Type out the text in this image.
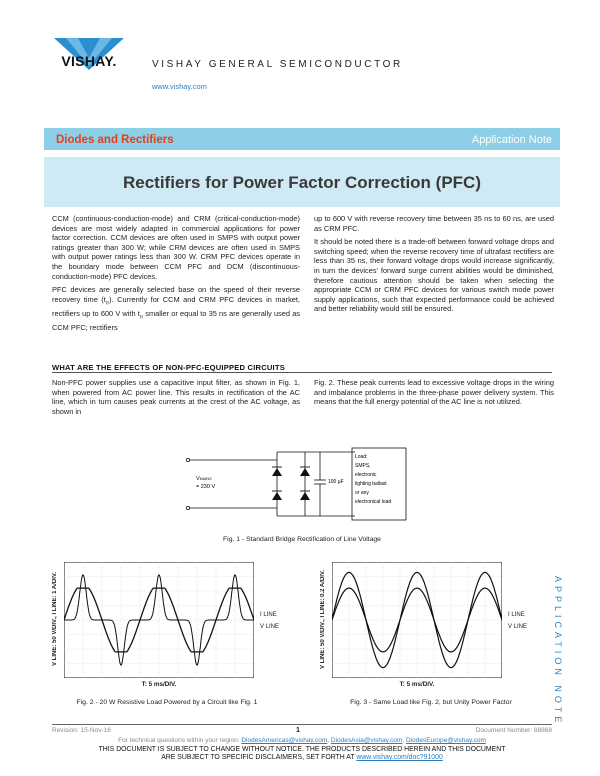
VISHAY.	VISHAY GENERAL SEMICONDUCTOR
www.vishay.com
Diodes and Rectifiers	Application Note
Rectifiers for Power Factor Correction (PFC)

CCM (continuous-conduction-mode) and CRM (critical-conduction-mode) devices are most widely adapted in commercial applications for power factor correction. CCM devices are often used in SMPS with output power ratings greater than 300 W; while CRM devices are often used in SMPS with output power ratings less than 300 W. CRM PFC devices operate in the boundary mode between CCM PFC and DCM (discontinuous-conduction-mode) PFC devices.

PFC devices are generally selected base on the speed of their reverse recovery time $(t_{rr})$. Currently for CCM and CRM PFC devices in market, rectifiers up to 600 V with $t_{rr}$ smaller or equal to 35 ns are generally used as CCM PFC; rectifiers

up to 600 V with reverse recovery time between 35 ns to 60 ns, are used as CRM PFC.

It should be noted there is a trade-off between forward voltage drops and switching speed; when the reverse recovery time of ultrafast rectifiers are less than 35 ns, their forward voltage drops would increase significantly, in turn the devices' forward surge current abilities would be diminished, therefore cautious attention should be taken when selecting the appropriate CCM or CRM PFC devices for various switch mode power supply applications, such that expected performance could be achieved and better reliability would still be ensured.

WHAT ARE THE EFFECTS OF NON-PFC-EQUIPPED CIRCUITS

Non-PFC power supplies use a capacitive input filter, as shown in Fig. 1, when powered from AC power line. This results in rectification of the AC line, which in turn causes peak currents at the crest of the AC voltage, as shown in

Fig. 2. These peak currents lead to excessive voltage drops in the wiring and imbalance problems in the three-phase power delivery system. This means that the full energy potential of the AC line is not utilized.

VMAINS
= 230 V
100 µF
Load: SMPS, electronic lighting ballast or any electronical load
Fig. 1 - Standard Bridge Rectification of Line Voltage
V LINE: 50 V/DIV., I LINE: 1 A/DIV.	I LINE
V LINE
T: 5 ms/DIV.
Fig. 2 - 20 W Resistive Load Powered by a Circuit like Fig. 1
V LINE: 50 V/DIV., I LINE: 0.2 A/DIV.	I LINE
V LINE
T: 5 ms/DIV.
Fig. 3 - Same Load like Fig. 2, but Unity Power Factor	APPLICATION NOTE
Revision: 15-Nov-16	1	Document Number: 88868
For technical questions within your region: DiodesAmericas@vishay.com, DiodesAsia@vishay.com, DiodesEurope@vishay.com
THIS DOCUMENT IS SUBJECT TO CHANGE WITHOUT NOTICE. THE PRODUCTS DESCRIBED HEREIN AND THIS DOCUMENT
ARE SUBJECT TO SPECIFIC DISCLAIMERS, SET FORTH AT www.vishay.com/doc?91000
